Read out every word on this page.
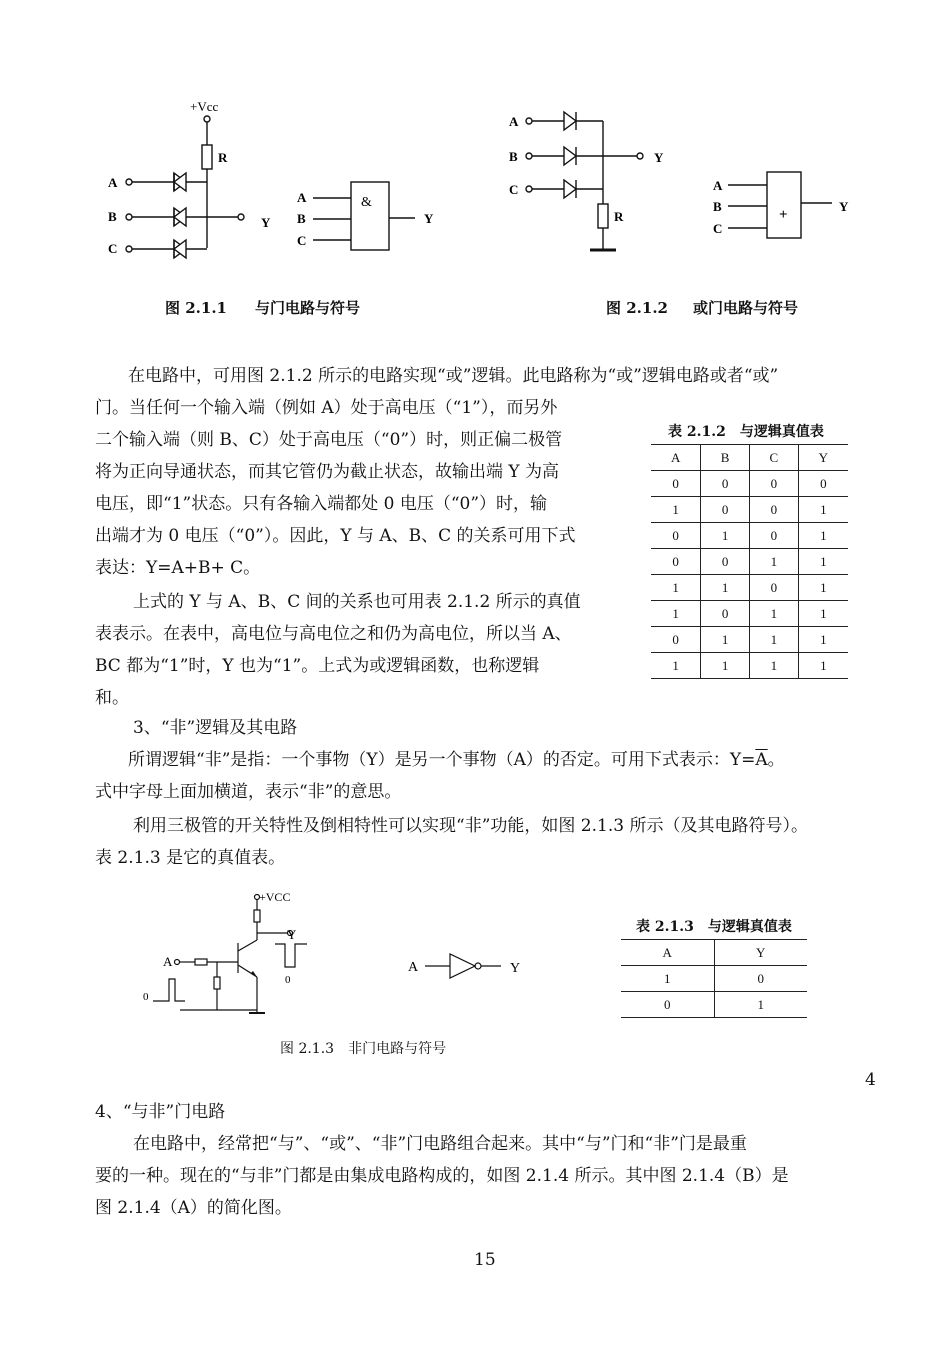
+Vcc
R
A
B
C
Y
A
B
C
&
Y
图 2.1.1 与门电路与符号
A
B
C
Y
R
A
B
C
+
Y
图 2.1.2 或门电路与符号
在电路中，可用图 2.1.2 所示的电路实现“或”逻辑。此电路称为“或”逻辑电路或者“或”
门。当任何一个输入端（例如 A）处于高电压（“1”），而另外
二个输入端（则 B、C）处于高电压（“0”）时，则正偏二极管
将为正向导通状态，而其它管仍为截止状态，故输出端 Y 为高
电压，即“1”状态。只有各输入端都处 0 电压（“0”）时，输
出端才为 0 电压（“0”）。因此，Y 与 A、B、C 的关系可用下式
表达：Y=A+B+ C。
上式的 Y 与 A、B、C 间的关系也可用表 2.1.2 所示的真值
表表示。在表中，高电位与高电位之和仍为高电位，所以当 A、
BC 都为“1”时，Y 也为“1”。上式为或逻辑函数，也称逻辑
和。
表 2.1.2　与逻辑真值表
A	B	C	Y
0	0	0	0
1	0	0	1
0	1	0	1
0	0	1	1
1	1	0	1
1	0	1	1
0	1	1	1
1	1	1	1
3、“非”逻辑及其电路
所谓逻辑“非”是指：一个事物（Y）是另一个事物（A）的否定。可用下式表示：$Y=\overline{A}$。
式中字母上面加横道，表示“非”的意思。
利用三极管的开关特性及倒相特性可以实现“非”功能，如图 2.1.3 所示（及其电路符号）。
表 2.1.3 是它的真值表。
+VCC
Y
A
0
0
A	Y
图 2.1.3　非门电路与符号
表 2.1.3　与逻辑真值表
A	Y
1	0
0	1
4
4、“与非”门电路
在电路中，经常把“与”、“或”、“非”门电路组合起来。其中“与”门和“非”门是最重
要的一种。现在的“与非”门都是由集成电路构成的，如图 2.1.4 所示。其中图 2.1.4（B）是
图 2.1.4（A）的简化图。
15
